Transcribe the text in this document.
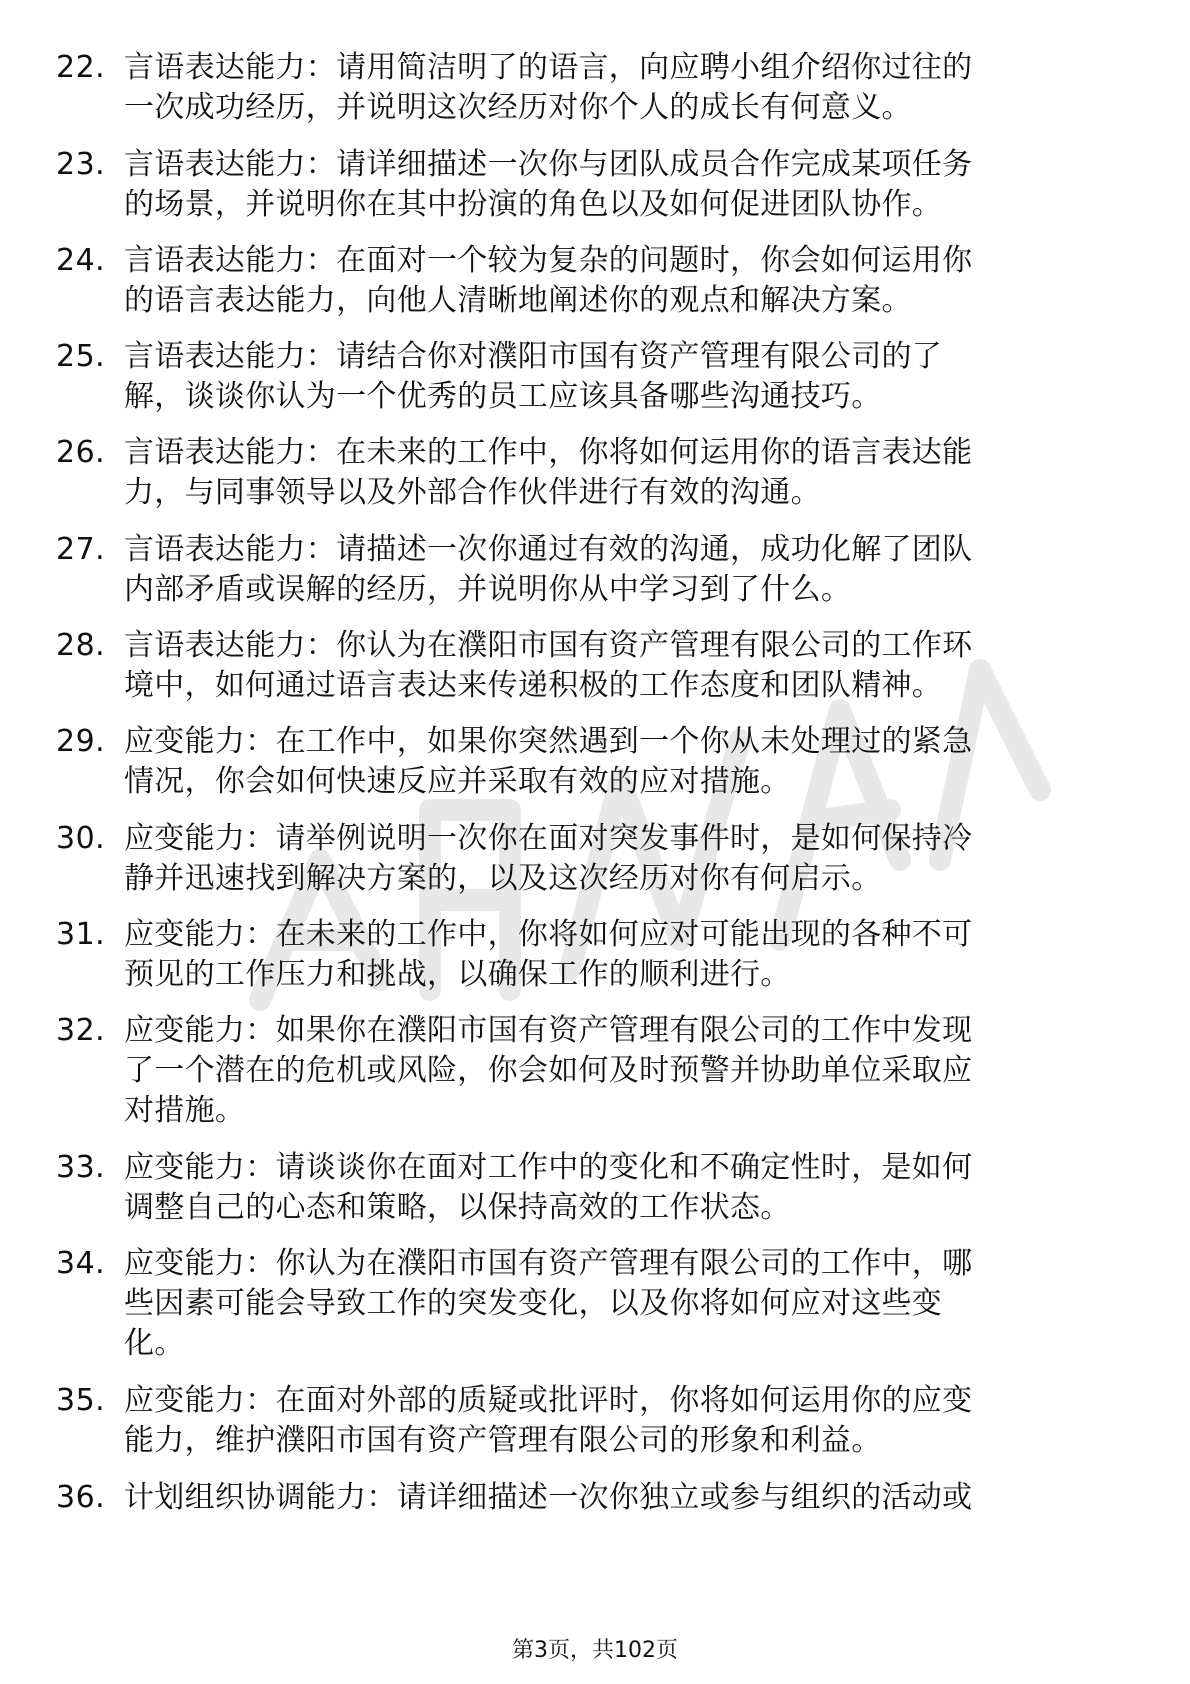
22. 言语表达能力：请用简洁明了的语言，向应聘小组介绍你过往的
一次成功经历，并说明这次经历对你个人的成长有何意义。
23. 言语表达能力：请详细描述一次你与团队成员合作完成某项任务
的场景，并说明你在其中扮演的角色以及如何促进团队协作。
24. 言语表达能力：在面对一个较为复杂的问题时，你会如何运用你
的语言表达能力，向他人清晰地阐述你的观点和解决方案。
25. 言语表达能力：请结合你对濮阳市国有资产管理有限公司的了
解，谈谈你认为一个优秀的员工应该具备哪些沟通技巧。
26. 言语表达能力：在未来的工作中，你将如何运用你的语言表达能
力，与同事领导以及外部合作伙伴进行有效的沟通。
27. 言语表达能力：请描述一次你通过有效的沟通，成功化解了团队
内部矛盾或误解的经历，并说明你从中学习到了什么。
28. 言语表达能力：你认为在濮阳市国有资产管理有限公司的工作环
境中，如何通过语言表达来传递积极的工作态度和团队精神。
29. 应变能力：在工作中，如果你突然遇到一个你从未处理过的紧急
情况，你会如何快速反应并采取有效的应对措施。
30. 应变能力：请举例说明一次你在面对突发事件时，是如何保持冷
静并迅速找到解决方案的，以及这次经历对你有何启示。
31. 应变能力：在未来的工作中，你将如何应对可能出现的各种不可
预见的工作压力和挑战，以确保工作的顺利进行。
32. 应变能力：如果你在濮阳市国有资产管理有限公司的工作中发现
了一个潜在的危机或风险，你会如何及时预警并协助单位采取应
对措施。
33. 应变能力：请谈谈你在面对工作中的变化和不确定性时，是如何
调整自己的心态和策略，以保持高效的工作状态。
34. 应变能力：你认为在濮阳市国有资产管理有限公司的工作中，哪
些因素可能会导致工作的突发变化，以及你将如何应对这些变
化。
35. 应变能力：在面对外部的质疑或批评时，你将如何运用你的应变
能力，维护濮阳市国有资产管理有限公司的形象和利益。
36. 计划组织协调能力：请详细描述一次你独立或参与组织的活动或
第3页，共102页
